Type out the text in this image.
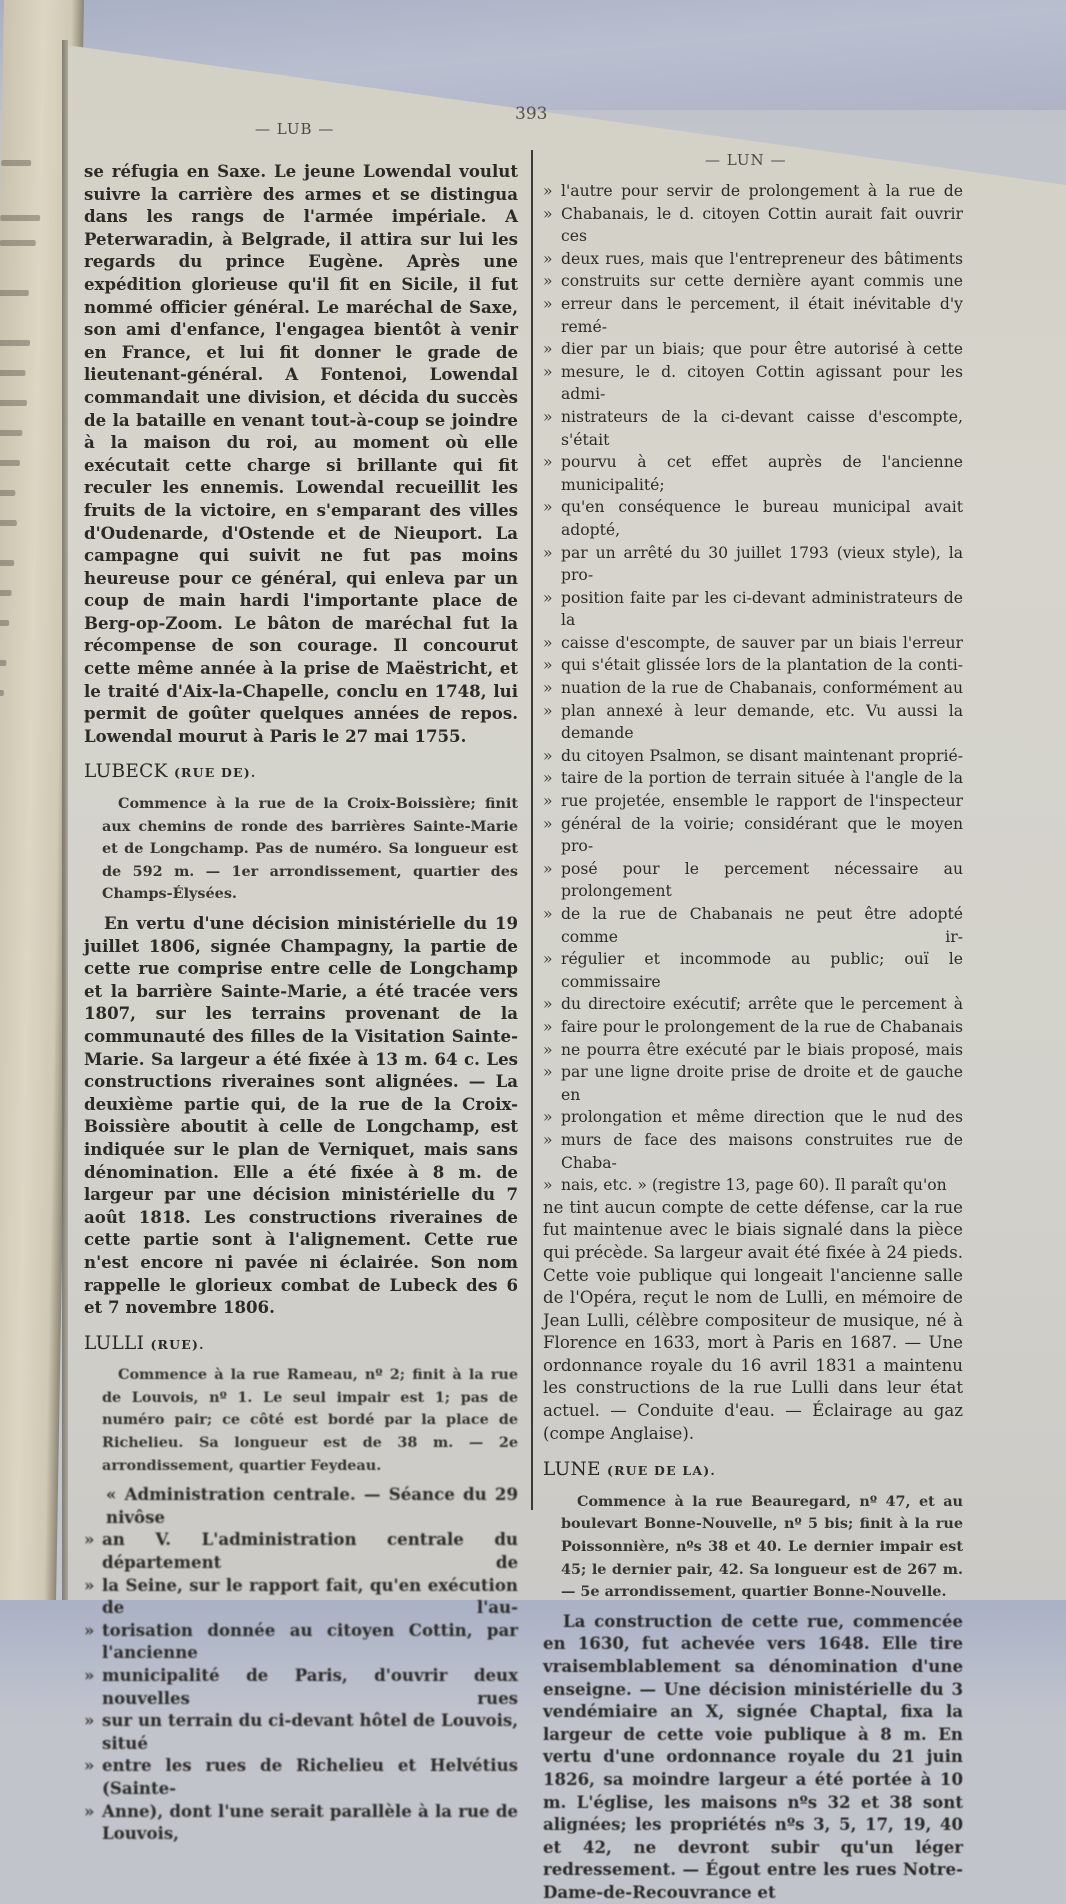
393
— LUB —
— LUN —

se réfugia en Saxe. Le jeune Lowendal voulut suivre la carrière des armes et se distingua dans les rangs de l'armée impériale. A Peterwaradin, à Belgrade, il attira sur lui les regards du prince Eugène. Après une expédition glorieuse qu'il fit en Sicile, il fut nommé officier général. Le maréchal de Saxe, son ami d'enfance, l'engagea bientôt à venir en France, et lui fit donner le grade de lieutenant-général. A Fontenoi, Lowendal commandait une division, et décida du succès de la bataille en venant tout-à-coup se joindre à la maison du roi, au moment où elle exécutait cette charge si brillante qui fit reculer les ennemis. Lowendal recueillit les fruits de la victoire, en s'emparant des villes d'Oudenarde, d'Ostende et de Nieuport. La campagne qui suivit ne fut pas moins heureuse pour ce général, qui enleva par un coup de main hardi l'importante place de Berg-op-Zoom. Le bâton de maréchal fut la récompense de son courage. Il concourut cette même année à la prise de Maëstricht, et le traité d'Aix-la-Chapelle, conclu en 1748, lui permit de goûter quelques années de repos. Lowendal mourut à Paris le 27 mai 1755.

LUBECK (RUE DE).

Commence à la rue de la Croix-Boissière; finit aux chemins de ronde des barrières Sainte-Marie et de Longchamp. Pas de numéro. Sa longueur est de 592 m. — 1er arrondissement, quartier des Champs-Élysées.

En vertu d'une décision ministérielle du 19 juillet 1806, signée Champagny, la partie de cette rue comprise entre celle de Longchamp et la barrière Sainte-Marie, a été tracée vers 1807, sur les terrains provenant de la communauté des filles de la Visitation Sainte-Marie. Sa largeur a été fixée à 13 m. 64 c. Les constructions riveraines sont alignées. — La deuxième partie qui, de la rue de la Croix-Boissière aboutit à celle de Longchamp, est indiquée sur le plan de Verniquet, mais sans dénomination. Elle a été fixée à 8 m. de largeur par une décision ministérielle du 7 août 1818. Les constructions riveraines de cette partie sont à l'alignement. Cette rue n'est encore ni pavée ni éclairée. Son nom rappelle le glorieux combat de Lubeck des 6 et 7 novembre 1806.

LULLI (RUE).

Commence à la rue Rameau, nº 2; finit à la rue de Louvois, nº 1. Le seul impair est 1; pas de numéro pair; ce côté est bordé par la place de Richelieu. Sa longueur est de 38 m. — 2e arrondissement, quartier Feydeau.

« Administration centrale. — Séance du 29 nivôse
» an V. L'administration centrale du département de
» la Seine, sur le rapport fait, qu'en exécution de l'au-
» torisation donnée au citoyen Cottin, par l'ancienne
» municipalité de Paris, d'ouvrir deux nouvelles rues
» sur un terrain du ci-devant hôtel de Louvois, situé
» entre les rues de Richelieu et Helvétius (Sainte-
» Anne), dont l'une serait parallèle à la rue de Louvois,
» l'autre pour servir de prolongement à la rue de
» Chabanais, le d. citoyen Cottin aurait fait ouvrir ces
» deux rues, mais que l'entrepreneur des bâtiments
» construits sur cette dernière ayant commis une
» erreur dans le percement, il était inévitable d'y remé-
» dier par un biais; que pour être autorisé à cette
» mesure, le d. citoyen Cottin agissant pour les admi-
» nistrateurs de la ci-devant caisse d'escompte, s'était
» pourvu à cet effet auprès de l'ancienne municipalité;
» qu'en conséquence le bureau municipal avait adopté,
» par un arrêté du 30 juillet 1793 (vieux style), la pro-
» position faite par les ci-devant administrateurs de la
» caisse d'escompte, de sauver par un biais l'erreur
» qui s'était glissée lors de la plantation de la conti-
» nuation de la rue de Chabanais, conformément au
» plan annexé à leur demande, etc. Vu aussi la demande
» du citoyen Psalmon, se disant maintenant proprié-
» taire de la portion de terrain située à l'angle de la
» rue projetée, ensemble le rapport de l'inspecteur
» général de la voirie; considérant que le moyen pro-
» posé pour le percement nécessaire au prolongement
» de la rue de Chabanais ne peut être adopté comme ir-
» régulier et incommode au public; ouï le commissaire
» du directoire exécutif; arrête que le percement à
» faire pour le prolongement de la rue de Chabanais
» ne pourra être exécuté par le biais proposé, mais
» par une ligne droite prise de droite et de gauche en
» prolongation et même direction que le nud des
» murs de face des maisons construites rue de Chaba-
» nais, etc. » (registre 13, page 60). Il paraît qu'on

ne tint aucun compte de cette défense, car la rue fut maintenue avec le biais signalé dans la pièce qui précède. Sa largeur avait été fixée à 24 pieds. Cette voie publique qui longeait l'ancienne salle de l'Opéra, reçut le nom de Lulli, en mémoire de Jean Lulli, célèbre compositeur de musique, né à Florence en 1633, mort à Paris en 1687. — Une ordonnance royale du 16 avril 1831 a maintenu les constructions de la rue Lulli dans leur état actuel. — Conduite d'eau. — Éclairage au gaz (compe Anglaise).

LUNE (RUE DE LA).

Commence à la rue Beauregard, nº 47, et au boulevart Bonne-Nouvelle, nº 5 bis; finit à la rue Poissonnière, nºs 38 et 40. Le dernier impair est 45; le dernier pair, 42. Sa longueur est de 267 m. — 5e arrondissement, quartier Bonne-Nouvelle.

La construction de cette rue, commencée en 1630, fut achevée vers 1648. Elle tire vraisemblablement sa dénomination d'une enseigne. — Une décision ministérielle du 3 vendémiaire an X, signée Chaptal, fixa la largeur de cette voie publique à 8 m. En vertu d'une ordonnance royale du 21 juin 1826, sa moindre largeur a été portée à 10 m. L'église, les maisons nºs 32 et 38 sont alignées; les propriétés nºs 3, 5, 17, 19, 40 et 42, ne devront subir qu'un léger redressement. — Égout entre les rues Notre-Dame-de-Recouvrance et
